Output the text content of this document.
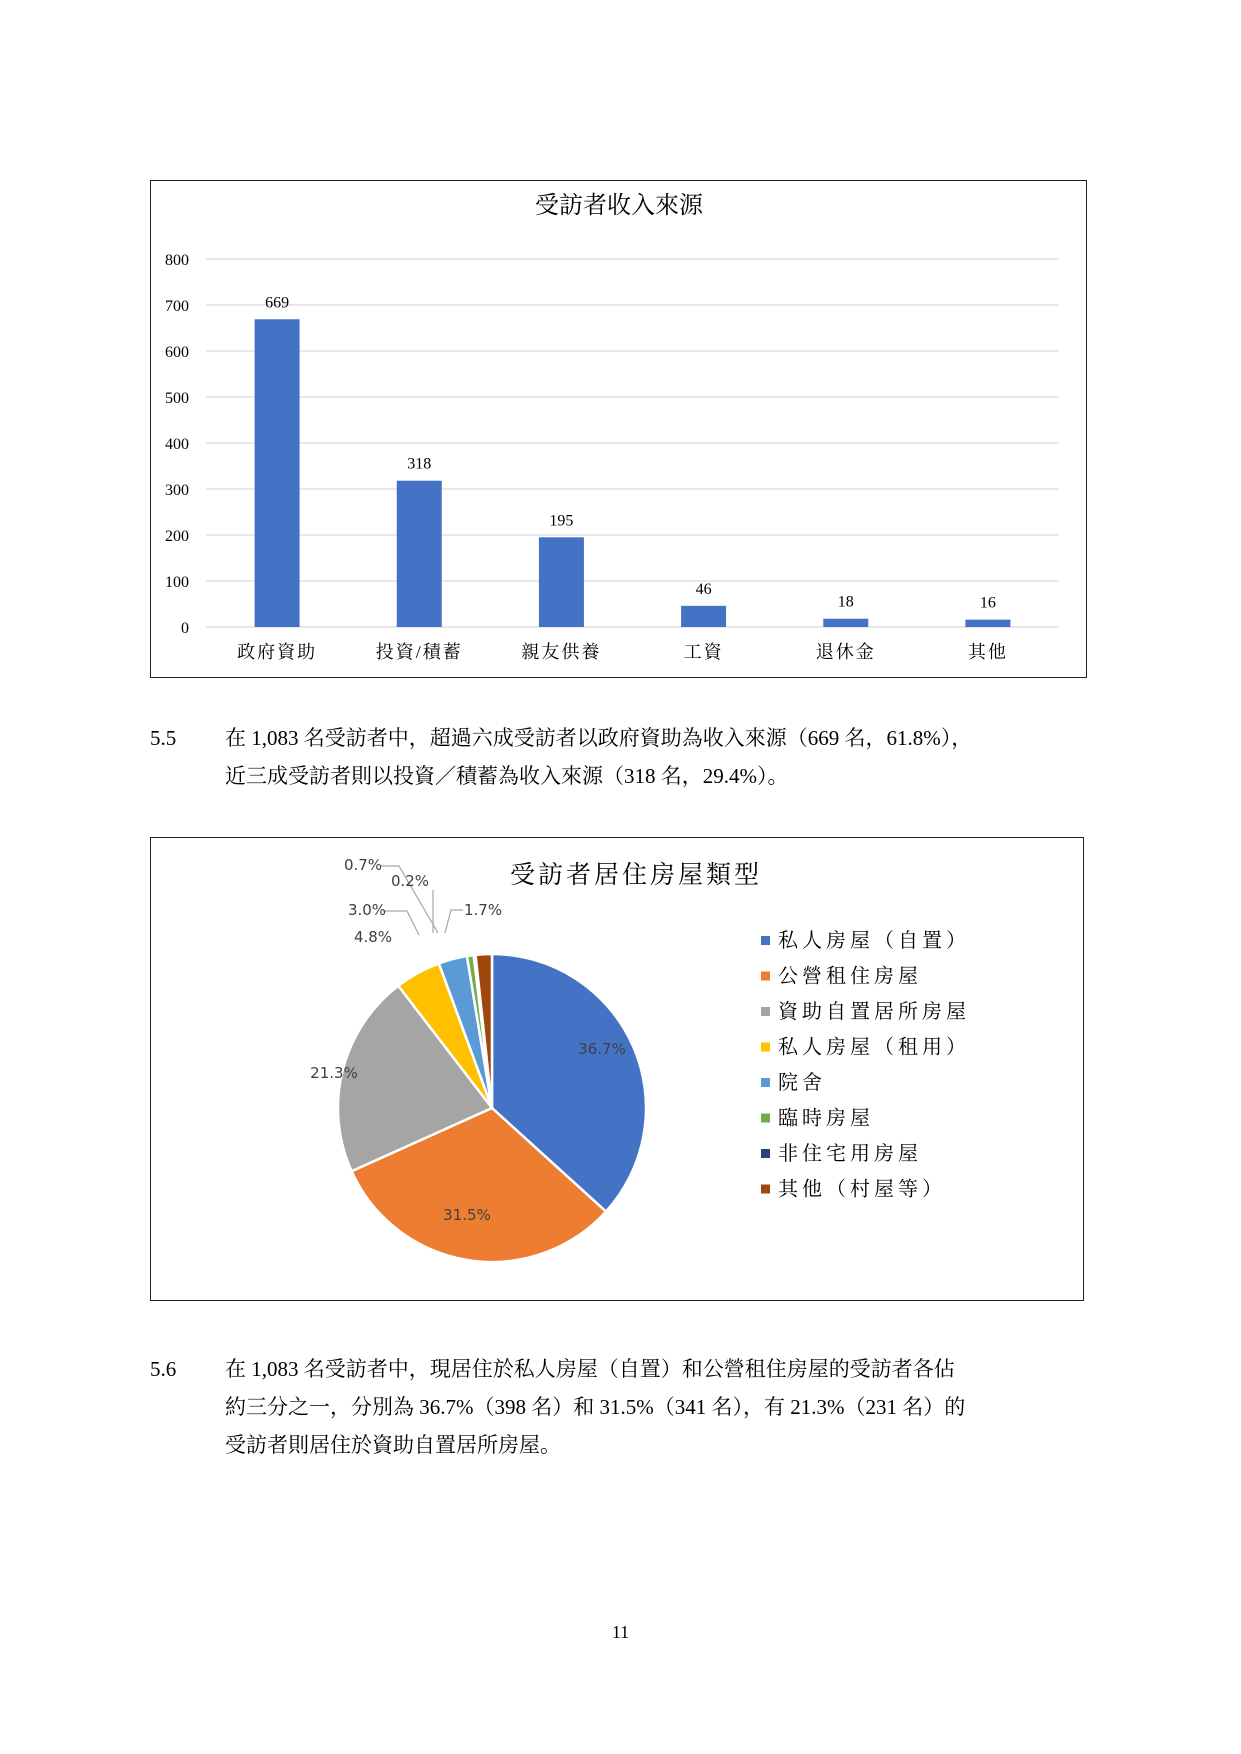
受訪者收入來源
0
100
200
300
400
500
600
700
800
669
政府資助
318
投資/積蓄
195
親友供養
46
工資
18
退休金
16
其他
5.5 在 1,083 名受訪者中，超過六成受訪者以政府資助為收入來源（669 名，61.8%），
近三成受訪者則以投資／積蓄為收入來源（318 名，29.4%）。
受訪者居住房屋類型
36.7%
31.5%
21.3%
4.8%
3.0%
0.7%
0.2%
1.7%
私人房屋（自置）
公營租住房屋
資助自置居所房屋
私人房屋（租用）
院舍
臨時房屋
非住宅用房屋
其他（村屋等）
5.6 在 1,083 名受訪者中，現居住於私人房屋（自置）和公營租住房屋的受訪者各佔
約三分之一，分別為 36.7%（398 名）和 31.5%（341 名），有 21.3%（231 名）的
受訪者則居住於資助自置居所房屋。
11
